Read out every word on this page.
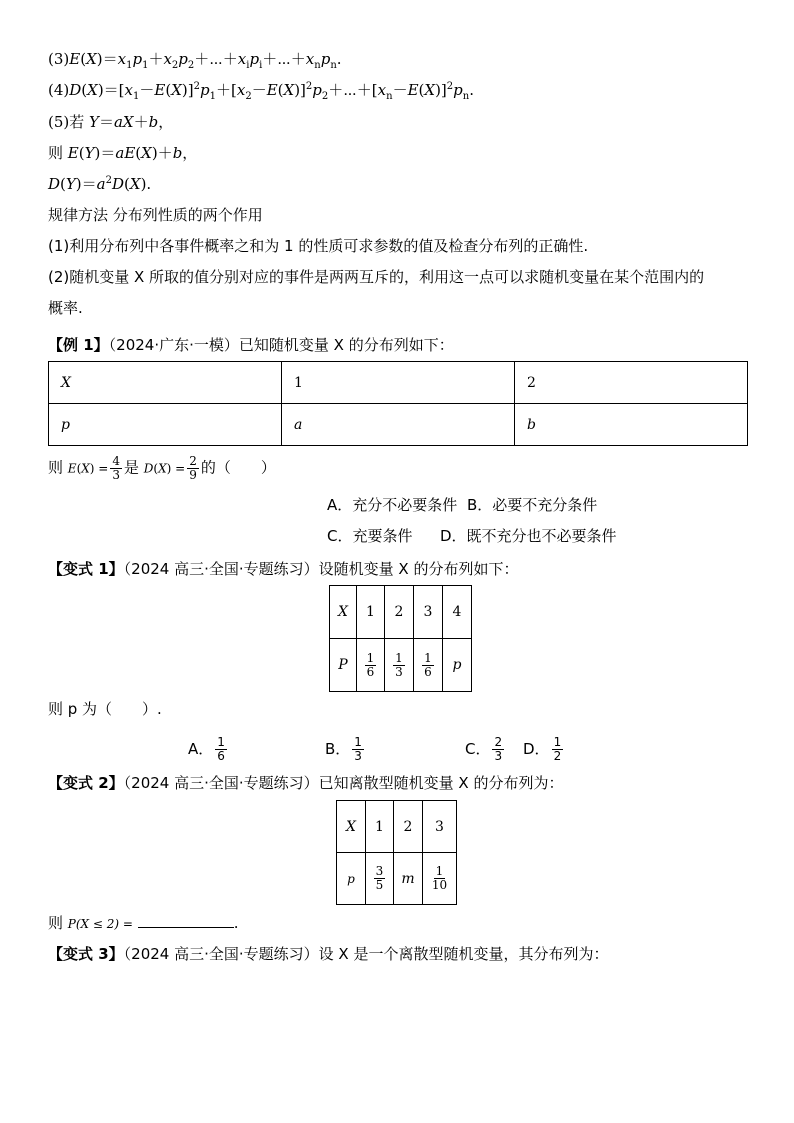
$(3)E(X)=x_1p_1+x_2p_2+\cdots+x_ip_i+\cdots+x_np_n$.
$(4)D(X)=[x_1-E(X)]^2p_1+[x_2-E(X)]^2p_2+\cdots+[x_n-E(X)]^2p_n$.
(5)若 Y＝aX＋b，
则 E(Y)＝aE(X)＋b，
$D(Y)=a^2D(X)$.
规律方法 分布列性质的两个作用
(1)利用分布列中各事件概率之和为 1 的性质可求参数的值及检查分布列的正确性.
(2)随机变量 X 所取的值分别对应的事件是两两互斥的，利用这一点可以求随机变量在某个范围内的
概率.
【例 1】（2024·广东·一模）已知随机变量 X 的分布列如下：
X	1	2
p	a	b
则 $E(X) = \frac{4}{3}$ 是 $D(X) = \frac{2}{9}$ 的（　　）
A．充分不必要条件 B．必要不充分条件
C．充要条件 D．既不充分也不必要条件
【变式 1】（2024 高三·全国·专题练习）设随机变量 X 的分布列如下：
X	1	2	3	4
P	$\frac{1}{6}$	$\frac{1}{3}$	$\frac{1}{6}$	p
则 p 为（　　）.
A． $\frac{1}{6}$	B． $\frac{1}{3}$	C． $\frac{2}{3}$ D． $\frac{1}{2}$
【变式 2】（2024 高三·全国·专题练习）已知离散型随机变量 X 的分布列为：
X	1	2	3
p	$\frac{3}{5}$	m	$\frac{1}{10}$
则 P(X ≤ 2) =	.
【变式 3】（2024 高三·全国·专题练习）设 X 是一个离散型随机变量，其分布列为：
